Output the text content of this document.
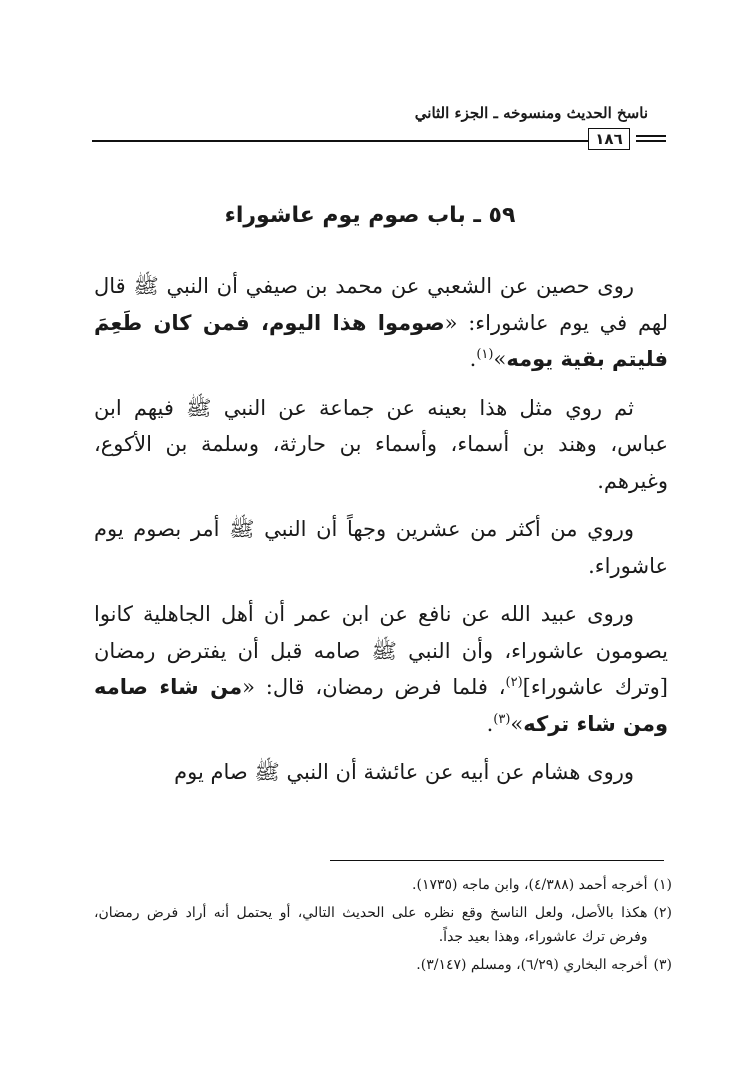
ناسخ الحديث ومنسوخه ـ الجزء الثاني
١٨٦
٥٩ ـ باب صوم يوم عاشوراء

روى حصين عن الشعبي عن محمد بن صيفي أن النبي ﷺ قال لهم في يوم عاشوراء: «صوموا هذا اليوم، فمن كان طَعِمَ فليتم بقية يومه»$^{(١)}$.

ثم روي مثل هذا بعينه عن جماعة عن النبي ﷺ فيهم ابن عباس، وهند بن أسماء، وأسماء بن حارثة، وسلمة بن الأكوع، وغيرهم.

وروي من أكثر من عشرين وجهاً أن النبي ﷺ أمر بصوم يوم عاشوراء.

وروى عبيد الله عن نافع عن ابن عمر أن أهل الجاهلية كانوا يصومون عاشوراء، وأن النبي ﷺ صامه قبل أن يفترض رمضان [وترك عاشوراء]$^{(٢)}$، فلما فرض رمضان، قال: «من شاء صامه ومن شاء تركه»$^{(٣)}$.

وروى هشام عن أبيه عن عائشة أن النبي ﷺ صام يوم

(١)
أخرجه أحمد (٤/٣٨٨)، وابن ماجه (١٧٣٥).
(٢)
هكذا بالأصل، ولعل الناسخ وقع نظره على الحديث التالي، أو يحتمل أنه أراد فرض رمضان، وفرض ترك عاشوراء، وهذا بعيد جداً.
(٣)
أخرجه البخاري (٦/٢٩)، ومسلم (٣/١٤٧).
